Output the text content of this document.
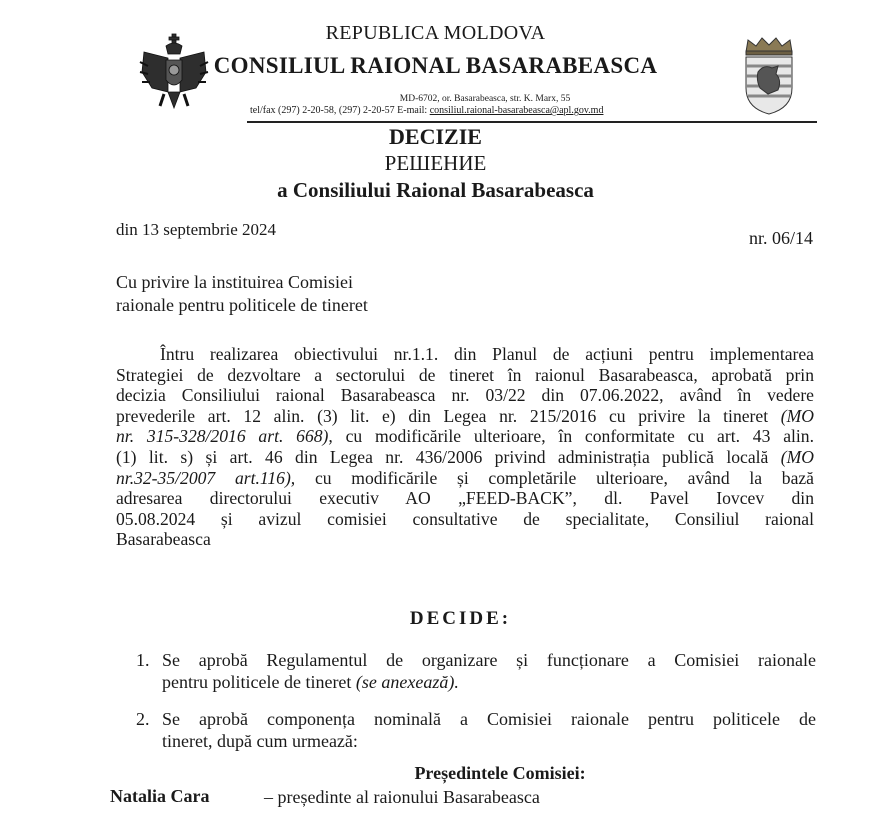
REPUBLICA MOLDOVA
CONSILIUL RAIONAL BASARABEASCA
MD-6702, or. Basarabeasca, str. K. Marx, 55
tel/fax (297) 2-20-58, (297) 2-20-57 E-mail: consiliul.raional-basarabeasca@apl.gov.md
DECIZIE
РЕШЕНИЕ
a Consiliului Raional Basarabeasca
din 13 septembrie 2024	nr. 06/14
Cu privire la instituirea Comisiei
raionale pentru politicele de tineret
Întru realizarea obiectivului nr.1.1. din Planul de acțiuni pentru implementarea
Strategiei de dezvoltare a sectorului de tineret în raionul Basarabeasca, aprobată prin
decizia Consiliului raional Basarabeasca nr. 03/22 din 07.06.2022, având în vedere
prevederile art. 12 alin. (3) lit. e) din Legea nr. 215/2016 cu privire la tineret (MO
nr. 315-328/2016 art. 668), cu modificările ulterioare, în conformitate cu art. 43 alin.
(1) lit. s) și art. 46 din Legea nr. 436/2006 privind administrația publică locală (MO
nr.32-35/2007 art.116), cu modificările și completările ulterioare, având la bază
adresarea directorului executiv AO „FEED-BACK”, dl. Pavel Iovcev din
05.08.2024 și avizul comisiei consultative de specialitate, Consiliul raional
Basarabeasca
DECIDE:
1. Se aprobă Regulamentul de organizare și funcționare a Comisiei raionale
pentru politicele de tineret (se anexează).
2. Se aprobă componența nominală a Comisiei raionale pentru politicele de
tineret, după cum urmează:
Președintele Comisiei:
Natalia Cara	– președinte al raionului Basarabeasca
